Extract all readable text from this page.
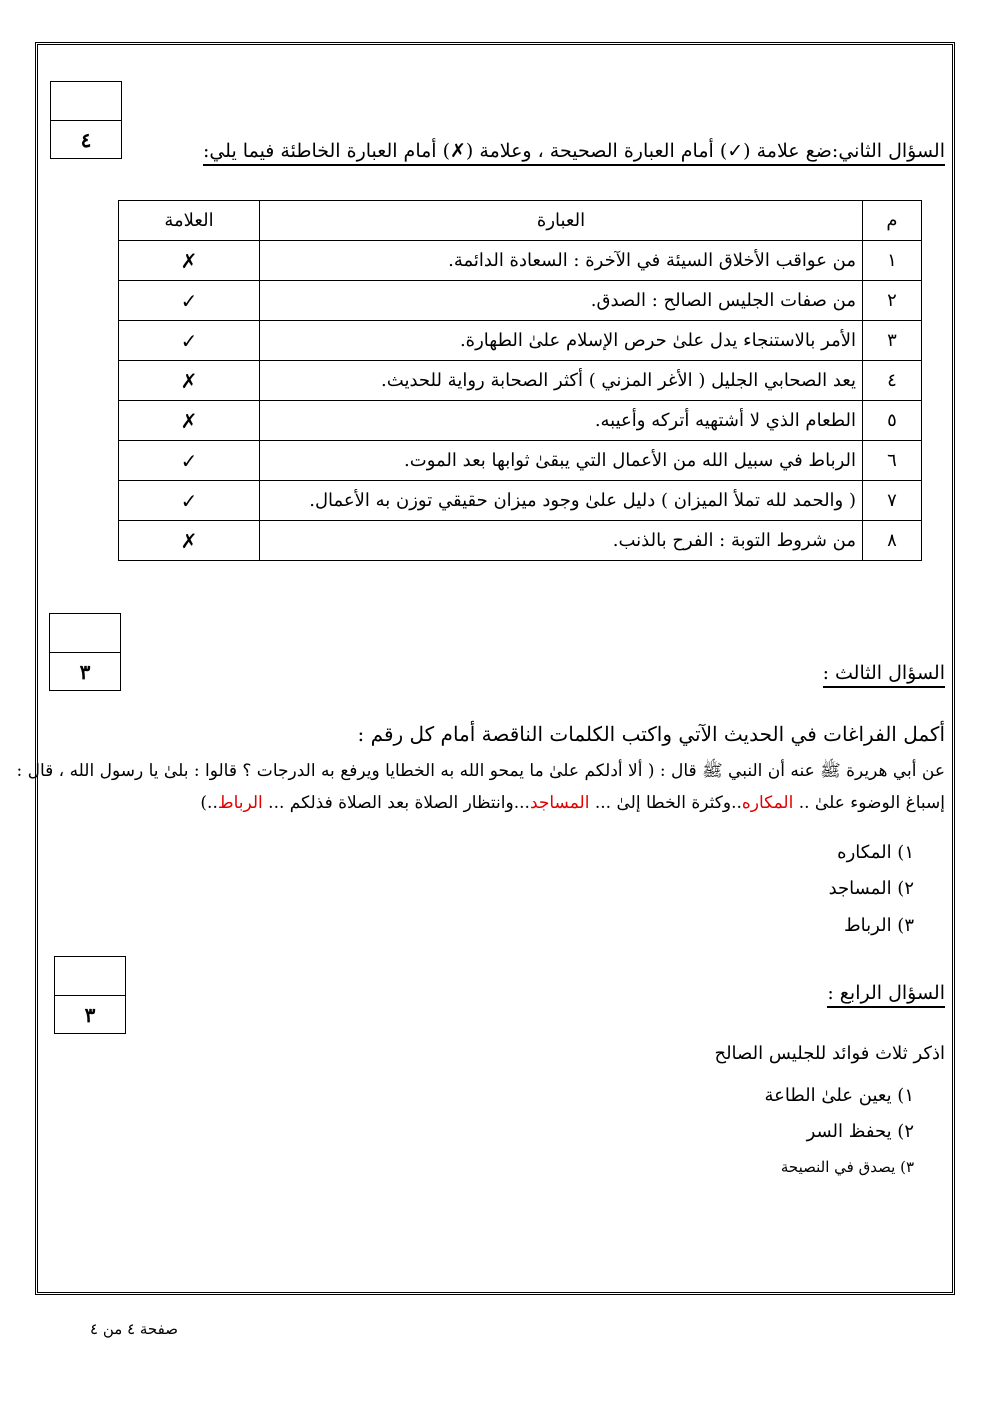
٤	السؤال الثاني:ضع علامة (✓) أمام العبارة الصحيحة ، وعلامة (✗) أمام العبارة الخاطئة فيما يلي:
م	العبارة	العلامة
١	من عواقب الأخلاق السيئة في الآخرة : السعادة الدائمة.	✗
٢	من صفات الجليس الصالح : الصدق.	✓
٣	الأمر بالاستنجاء يدل علىٰ حرص الإسلام علىٰ الطهارة.	✓
٤	يعد الصحابي الجليل ( الأغر المزني ) أكثر الصحابة رواية للحديث.	✗
٥	الطعام الذي لا أشتهيه أتركه وأعيبه.	✗
٦	الرباط في سبيل الله من الأعمال التي يبقىٰ ثوابها بعد الموت.	✓
٧	( والحمد لله تملأ الميزان ) دليل علىٰ وجود ميزان حقيقي توزن به الأعمال.	✓
٨	من شروط التوبة : الفرح بالذنب.	✗
٣	السؤال الثالث :
أكمل الفراغات في الحديث الآتي واكتب الكلمات الناقصة أمام كل رقم :
عن أبي هريرة ﷺ عنه أن النبي ﷺ قال : ( ألا أدلكم علىٰ ما يمحو الله به الخطايا ويرفع به الدرجات ؟ قالوا : بلىٰ يا رسول الله ، قال :
إسباغ الوضوء علىٰ .. المكاره..وكثرة الخطا إلىٰ ... المساجد...وانتظار الصلاة بعد الصلاة فذلكم ... الرباط..)
١) المكاره
٢) المساجد
٣) الرباط
٣
السؤال الرابع :
اذكر ثلاث فوائد للجليس الصالح
١) يعين علىٰ الطاعة
٢) يحفظ السر
٣) يصدق في النصيحة
صفحة ٤ من ٤
